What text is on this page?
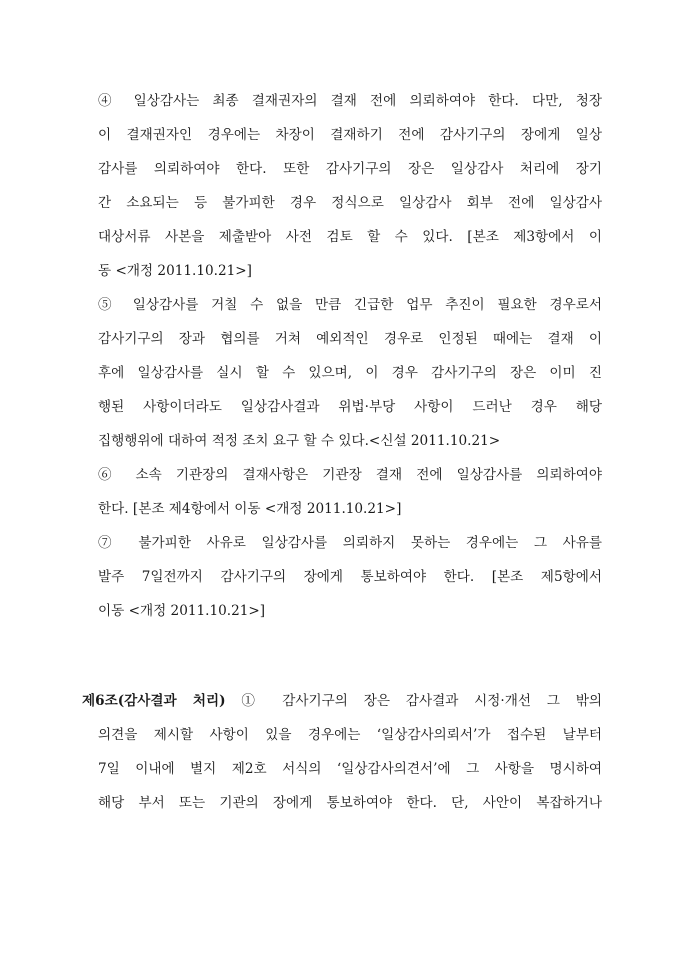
④ 일상감사는 최종 결재권자의 결재 전에 의뢰하여야 한다. 다만, 청장
이 결재권자인 경우에는 차장이 결재하기 전에 감사기구의 장에게 일상
감사를 의뢰하여야 한다. 또한 감사기구의 장은 일상감사 처리에 장기
간 소요되는 등 불가피한 경우 정식으로 일상감사 회부 전에 일상감사
대상서류 사본을 제출받아 사전 검토 할 수 있다. [본조 제3항에서 이
동 <개정 2011.10.21>]
⑤ 일상감사를 거칠 수 없을 만큼 긴급한 업무 추진이 필요한 경우로서
감사기구의 장과 협의를 거쳐 예외적인 경우로 인정된 때에는 결재 이
후에 일상감사를 실시 할 수 있으며, 이 경우 감사기구의 장은 이미 진
행된 사항이더라도 일상감사결과 위법·부당 사항이 드러난 경우 해당
집행행위에 대하여 적정 조치 요구 할 수 있다.<신설 2011.10.21>
⑥ 소속 기관장의 결재사항은 기관장 결재 전에 일상감사를 의뢰하여야
한다. [본조 제4항에서 이동 <개정 2011.10.21>]
⑦ 불가피한 사유로 일상감사를 의뢰하지 못하는 경우에는 그 사유를
발주 7일전까지 감사기구의 장에게 통보하여야 한다. [본조 제5항에서
이동 <개정 2011.10.21>]
제6조(감사결과 처리) ① 감사기구의 장은 감사결과 시정·개선 그 밖의
의견을 제시할 사항이 있을 경우에는 ‘일상감사의뢰서’가 접수된 날부터
7일 이내에 별지 제2호 서식의 ‘일상감사의견서’에 그 사항을 명시하여
해당 부서 또는 기관의 장에게 통보하여야 한다. 단, 사안이 복잡하거나
